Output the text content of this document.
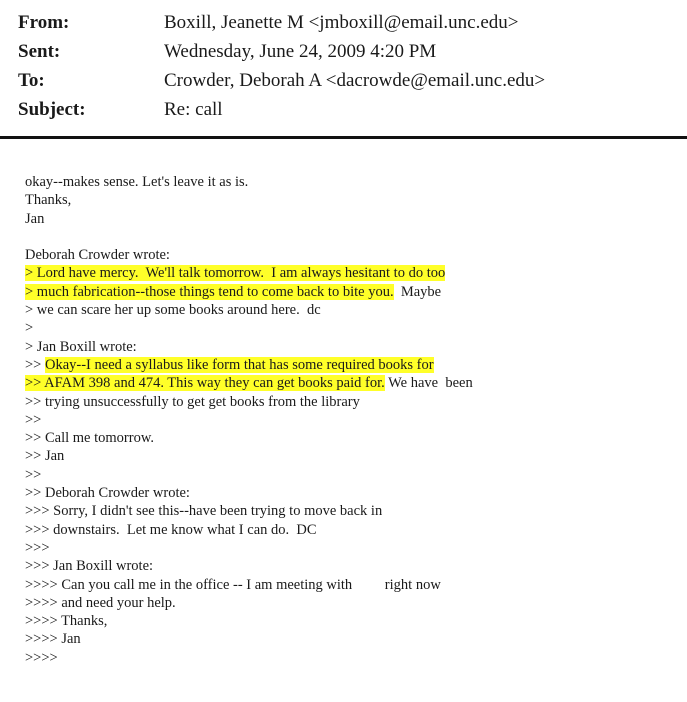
From:	Boxill, Jeanette M <jmboxill@email.unc.edu>
Sent:	Wednesday, June 24, 2009 4:20 PM
To:	Crowder, Deborah A <dacrowde@email.unc.edu>
Subject:	Re: call
okay--makes sense. Let's leave it as is.
Thanks,
Jan
Deborah Crowder wrote:
> Lord have mercy.  We'll talk tomorrow.  I am always hesitant to do too
> much fabrication--those things tend to come back to bite you.  Maybe
> we can scare her up some books around here.  dc
>
> Jan Boxill wrote:
>> Okay--I need a syllabus like form that has some required books for
>> AFAM 398 and 474. This way they can get books paid for. We have  been
>> trying unsuccessfully to get get books from the library
>>
>> Call me tomorrow.
>> Jan
>>
>> Deborah Crowder wrote:
>>> Sorry, I didn't see this--have been trying to move back in
>>> downstairs.  Let me know what I can do.  DC
>>>
>>> Jan Boxill wrote:
>>>> Can you call me in the office -- I am meeting with         right now
>>>> and need your help.
>>>> Thanks,
>>>> Jan
>>>>
